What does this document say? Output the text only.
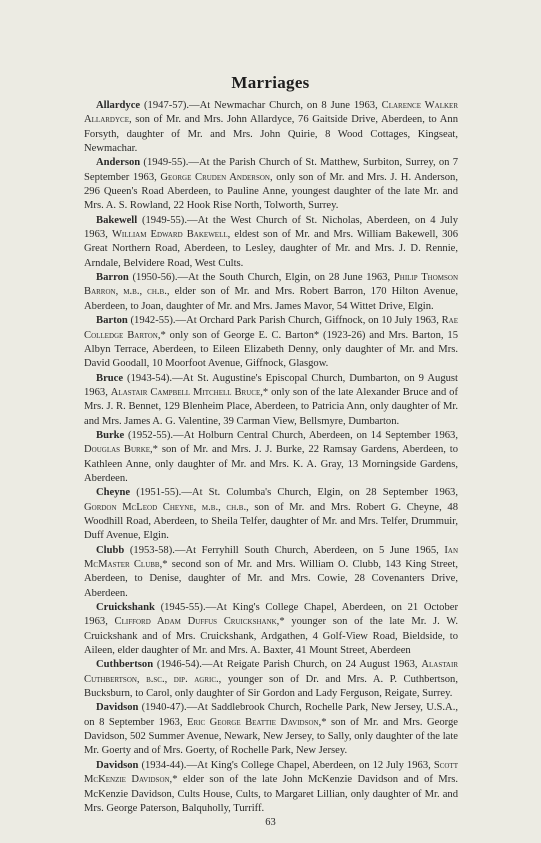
Marriages

Allardyce (1947-57).—At Newmachar Church, on 8 June 1963, Clarence Walker Allardyce, son of Mr. and Mrs. John Allardyce, 76 Gaitside Drive, Aberdeen, to Ann Forsyth, daughter of Mr. and Mrs. John Quirie, 8 Wood Cottages, Kingseat, Newmachar.

Anderson (1949-55).—At the Parish Church of St. Matthew, Surbiton, Surrey, on 7 September 1963, George Cruden Anderson, only son of Mr. and Mrs. J. H. Anderson, 296 Queen's Road Aberdeen, to Pauline Anne, youngest daughter of the late Mr. and Mrs. A. S. Rowland, 22 Hook Rise North, Tolworth, Surrey.

Bakewell (1949-55).—At the West Church of St. Nicholas, Aberdeen, on 4 July 1963, William Edward Bakewell, eldest son of Mr. and Mrs. William Bakewell, 306 Great Northern Road, Aberdeen, to Lesley, daughter of Mr. and Mrs. J. D. Rennie, Arndale, Belvidere Road, West Cults.

Barron (1950-56).—At the South Church, Elgin, on 28 June 1963, Philip Thomson Barron, m.b., ch.b., elder son of Mr. and Mrs. Robert Barron, 170 Hilton Avenue, Aberdeen, to Joan, daughter of Mr. and Mrs. James Mavor, 54 Wittet Drive, Elgin.

Barton (1942-55).—At Orchard Park Parish Church, Giffnock, on 10 July 1963, Rae Colledge Barton,* only son of George E. C. Barton* (1923-26) and Mrs. Barton, 15 Albyn Terrace, Aberdeen, to Eileen Elizabeth Denny, only daughter of Mr. and Mrs. David Goodall, 10 Moorfoot Avenue, Giffnock, Glasgow.

Bruce (1943-54).—At St. Augustine's Episcopal Church, Dumbarton, on 9 August 1963, Alastair Campbell Mitchell Bruce,* only son of the late Alexander Bruce and of Mrs. J. R. Bennet, 129 Blenheim Place, Aberdeen, to Patricia Ann, only daughter of Mr. and Mrs. James A. G. Valentine, 39 Carman View, Bellsmyre, Dumbarton.

Burke (1952-55).—At Holburn Central Church, Aberdeen, on 14 September 1963, Douglas Burke,* son of Mr. and Mrs. J. J. Burke, 22 Ramsay Gardens, Aberdeen, to Kathleen Anne, only daughter of Mr. and Mrs. K. A. Gray, 13 Morningside Gardens, Aberdeen.

Cheyne (1951-55).—At St. Columba's Church, Elgin, on 28 September 1963, Gordon McLeod Cheyne, m.b., ch.b., son of Mr. and Mrs. Robert G. Cheyne, 48 Woodhill Road, Aberdeen, to Sheila Telfer, daughter of Mr. and Mrs. Telfer, Drummuir, Duff Avenue, Elgin.

Clubb (1953-58).—At Ferryhill South Church, Aberdeen, on 5 June 1965, Ian McMaster Clubb,* second son of Mr. and Mrs. William O. Clubb, 143 King Street, Aberdeen, to Denise, daughter of Mr. and Mrs. Cowie, 28 Covenanters Drive, Aberdeen.

Cruickshank (1945-55).—At King's College Chapel, Aberdeen, on 21 October 1963, Clifford Adam Duffus Cruickshank,* younger son of the late Mr. J. W. Cruickshank and of Mrs. Cruickshank, Ardgathen, 4 Golf-View Road, Bieldside, to Aileen, elder daughter of Mr. and Mrs. A. Baxter, 41 Mount Street, Aberdeen

Cuthbertson (1946-54).—At Reigate Parish Church, on 24 August 1963, Alastair Cuthbertson, b.sc., dip. agric., younger son of Dr. and Mrs. A. P. Cuthbertson, Bucksburn, to Carol, only daughter of Sir Gordon and Lady Ferguson, Reigate, Surrey.

Davidson (1940-47).—At Saddlebrook Church, Rochelle Park, New Jersey, U.S.A., on 8 September 1963, Eric George Beattie Davidson,* son of Mr. and Mrs. George Davidson, 502 Summer Avenue, Newark, New Jersey, to Sally, only daughter of the late Mr. Goerty and of Mrs. Goerty, of Rochelle Park, New Jersey.

Davidson (1934-44).—At King's College Chapel, Aberdeen, on 12 July 1963, Scott McKenzie Davidson,* elder son of the late John McKenzie Davidson and of Mrs. McKenzie Davidson, Cults House, Cults, to Margaret Lillian, only daughter of Mr. and Mrs. George Paterson, Balquholly, Turriff.

63
